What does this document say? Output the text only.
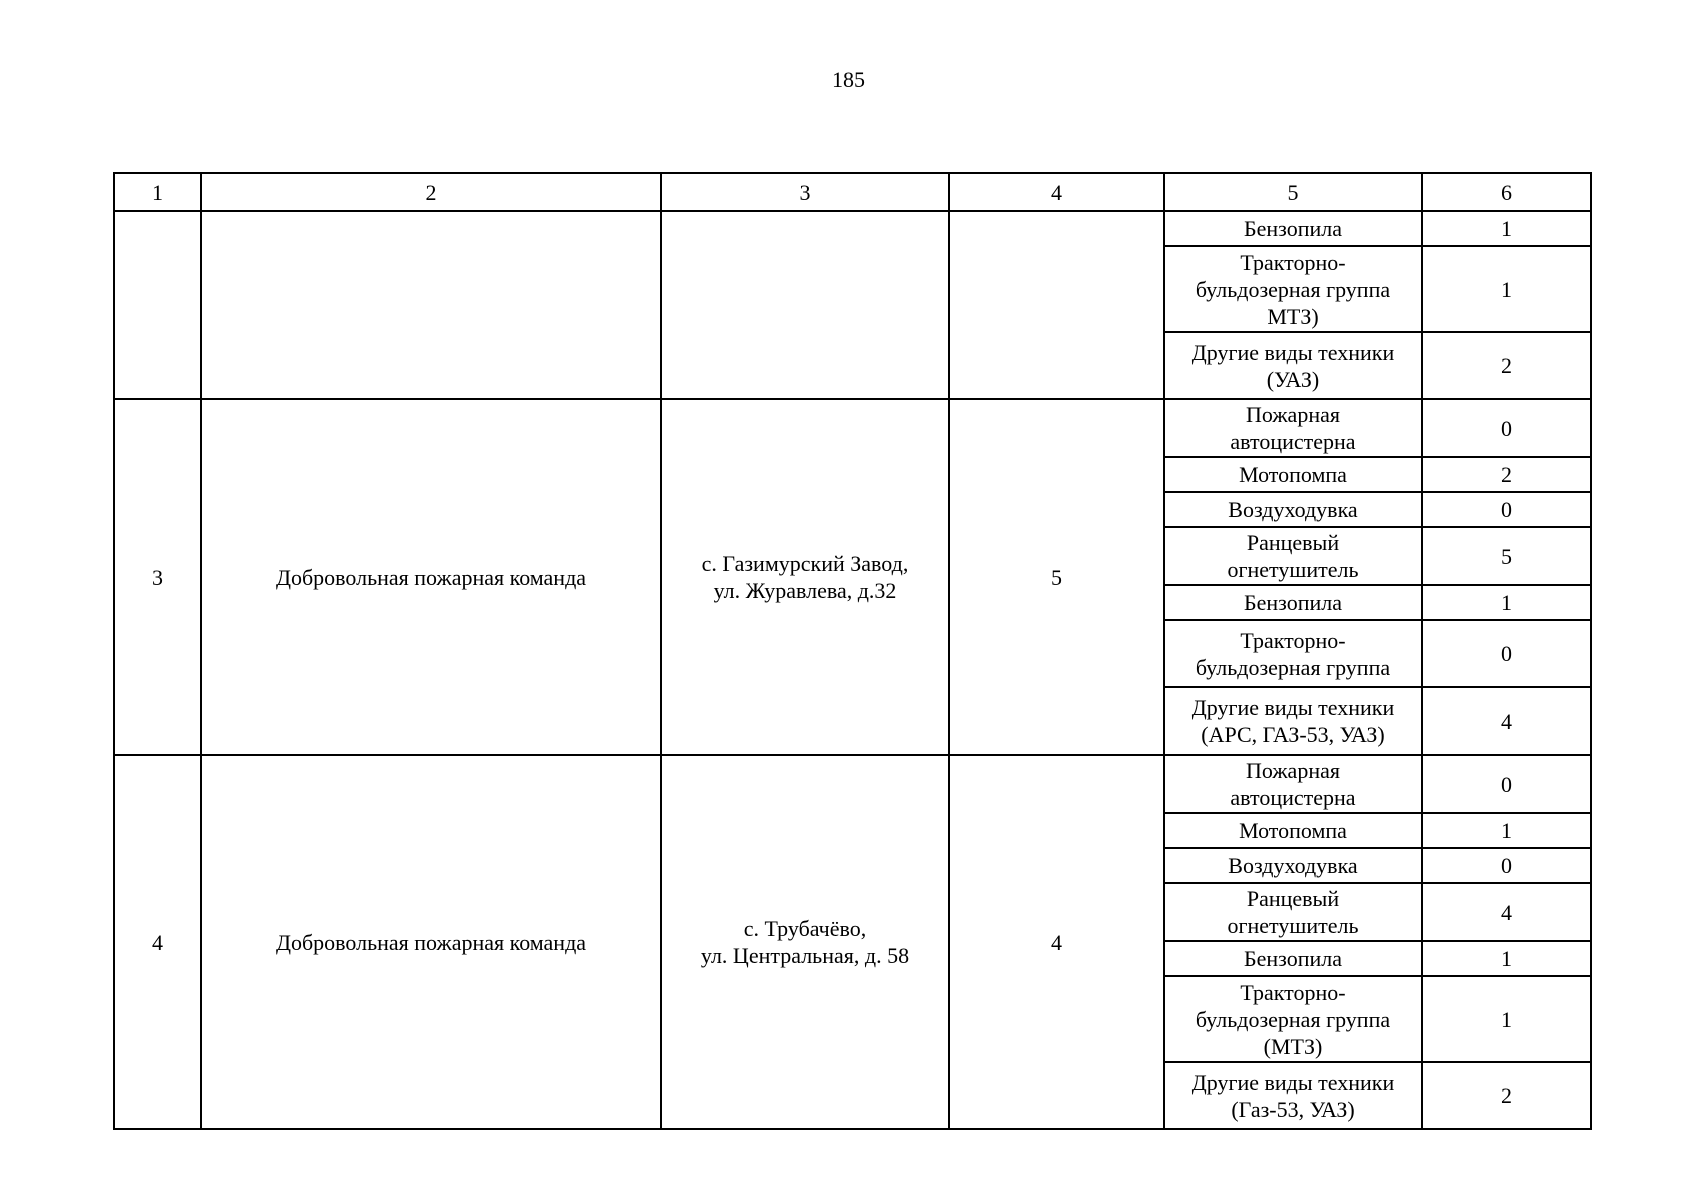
185
1	2	3	4	5	6
				Бензопила	1
				Тракторно-
бульдозерная группа
МТЗ)	1
				Другие виды техники
(УАЗ)	2
3	Добровольная пожарная команда	с. Газимурский Завод,
ул. Журавлева, д.32	5	Пожарная
автоцистерна	0
				Мотопомпа	2
				Воздуходувка	0
				Ранцевый
огнетушитель	5
				Бензопила	1
				Тракторно-
бульдозерная группа	0
				Другие виды техники
(АРС, ГАЗ-53, УАЗ)	4
4	Добровольная пожарная команда	с. Трубачёво,
ул. Центральная, д. 58	4	Пожарная
автоцистерна	0
				Мотопомпа	1
				Воздуходувка	0
				Ранцевый
огнетушитель	4
				Бензопила	1
				Тракторно-
бульдозерная группа
(МТЗ)	1
				Другие виды техники
(Газ-53, УАЗ)	2
